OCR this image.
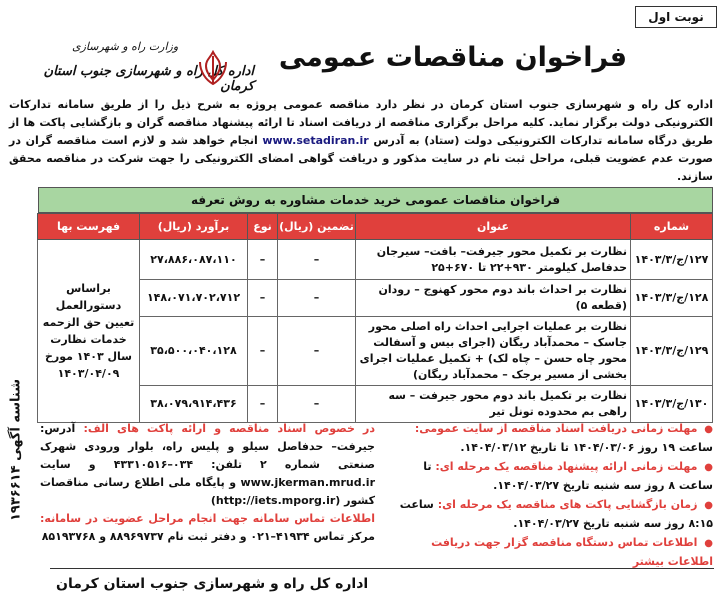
نوبت اول
وزارت راه و شهرسازی
اداره کل راه و شهرسازی جنوب استان کرمان
فراخوان مناقصات عمومی
اداره کل راه و شهرسازی جنوب استان کرمان در نظر دارد مناقصه عمومی پروژه به شرح ذیل را از طریق سامانه تدارکات الکترونیکی دولت برگزار نماید. کلیه مراحل برگزاری مناقصه از دریافت اسناد تا ارائه پیشنهاد مناقصه گران و بازگشایی پاکت ها از طریق درگاه سامانه تدارکات الکترونیکی دولت (ستاد) به آدرس www.setadiran.ir انجام خواهد شد و لازم است مناقصه گران در صورت عدم عضویت قبلی، مراحل ثبت نام در سایت مذکور و دریافت گواهی امضای الکترونیکی را جهت شرکت در مناقصه محقق سازند.
فراخوان مناقصات عمومی خرید خدمات مشاوره به روش تعرفه
شماره	عنوان	تضمین (ریال)	نوع	برآورد (ریال)	فهرست بها
۱۲۷/ج/۱۴۰۳/۳	نظارت بر تکمیل محور جیرفت– بافت– سیرجان حدفاصل کیلومتر ۹۳۰+۲۲ تا ۶۷۰+۲۵	–	–	۲۷،۸۸۶،۰۸۷،۱۱۰	براساس دستورالعمل تعیین حق الزحمه خدمات نظارت سال ۱۴۰۳ مورخ ۱۴۰۳/۰۴/۰۹
۱۲۸/ج/۱۴۰۳/۳	نظارت بر احداث باند دوم محور کهنوج – رودان (قطعه ۵)	–	–	۱۴۸،۰۷۱،۷۰۲،۷۱۲	
۱۲۹/ج/۱۴۰۳/۳	نظارت بر عملیات اجرایی احداث راه اصلی محور جاسک – محمدآباد ریگان (اجرای بیس و آسفالت محور چاه حسن – چاه لک) + تکمیل عملیات اجرای بخشی از مسیر برجک – محمدآباد ریگان)	–	–	۳۵،۵۰۰،۰۴۰،۱۲۸	
۱۳۰/ج/۱۴۰۳/۳	نظارت بر تکمیل باند دوم محور جیرفت – سه راهی بم محدوده تونل تیر	–	–	۳۸،۰۷۹،۹۱۴،۴۳۶	
● مهلت زمانی دریافت اسناد مناقصه از سایت عمومی: ساعت ۱۹ روز ۱۴۰۴/۰۳/۰۶ تا تاریخ ۱۴۰۴/۰۳/۱۲.
● مهلت زمانی ارائه پیشنهاد مناقصه یک مرحله ای: تا ساعت ۸ روز سه شنبه تاریخ ۱۴۰۴/۰۳/۲۷.
● زمان بازگشایی پاکت های مناقصه یک مرحله ای: ساعت ۸:۱۵ روز سه شنبه تاریخ ۱۴۰۴/۰۳/۲۷.
● اطلاعات تماس دستگاه مناقصه گزار جهت دریافت اطلاعات بیشتر
در خصوص اسناد مناقصه و ارائه پاکت های الف: آدرس: جیرفت– حدفاصل سیلو و پلیس راه، بلوار ورودی شهرک صنعتی شماره ۲ تلفن: ۰۳۴–۴۳۳۱۰۵۱۶ و سایت www.jkerman.mrud.ir و پایگاه ملی اطلاع رسانی مناقصات کشور (http://iets.mporg.ir)
اطلاعات تماس سامانه جهت انجام مراحل عضویت در سامانه: مرکز تماس ۴۱۹۳۴–۰۲۱ و دفتر ثبت نام ۸۸۹۶۹۷۳۷ و ۸۵۱۹۳۷۶۸
شناسه آگهی ۱۹۳۶۶۱۴
اداره کل راه و شهرسازی جنوب استان کرمان
